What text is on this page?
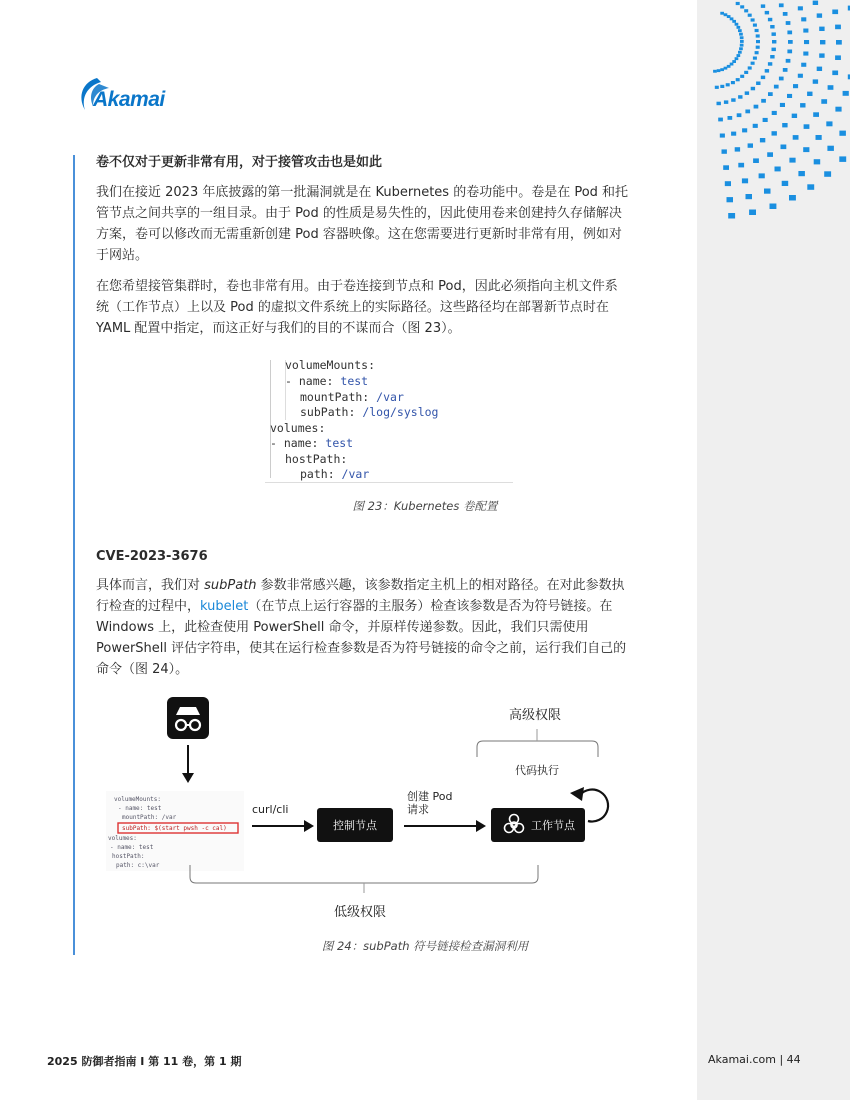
Akamai

卷不仅对于更新非常有用，对于接管攻击也是如此

我们在接近 2023 年底披露的第一批漏洞就是在 Kubernetes 的卷功能中。卷是在 Pod 和托
管节点之间共享的一组目录。由于 Pod 的性质是易失性的，因此使用卷来创建持久存储解决
方案，卷可以修改而无需重新创建 Pod 容器映像。这在您需要进行更新时非常有用，例如对
于网站。
在您希望接管集群时，卷也非常有用。由于卷连接到节点和 Pod，因此必须指向主机文件系
统（工作节点）上以及 Pod 的虚拟文件系统上的实际路径。这些路径均在部署新节点时在
YAML 配置中指定，而这正好与我们的目的不谋而合（图 23）。
volumeMounts:
- name: test
mountPath: /var
subPath: /log/syslog
volumes:
- name: test
hostPath:
path: /var
图 23：Kubernetes 卷配置

CVE-2023-3676

具体而言，我们对 subPath 参数非常感兴趣，该参数指定主机上的相对路径。在对此参数执
行检查的过程中，kubelet（在节点上运行容器的主服务）检查该参数是否为符号链接。在
Windows 上，此检查使用 PowerShell 命令，并原样传递参数。因此，我们只需使用
PowerShell 评估字符串，使其在运行检查参数是否为符号链接的命令之前，运行我们自己的
命令（图 24）。
volumeMounts:
- name: test
mountPath: /var
subPath: $(start pwsh -c cal)
volumes:
- name: test
hostPath:
path: c:\var
curl/cli
控制节点
创建 Pod
请求
工作节点
高级权限
代码执行
低级权限
图 24：subPath 符号链接检查漏洞利用
2025 防御者指南 I 第 11 卷，第 1 期	Akamai.com | 44
